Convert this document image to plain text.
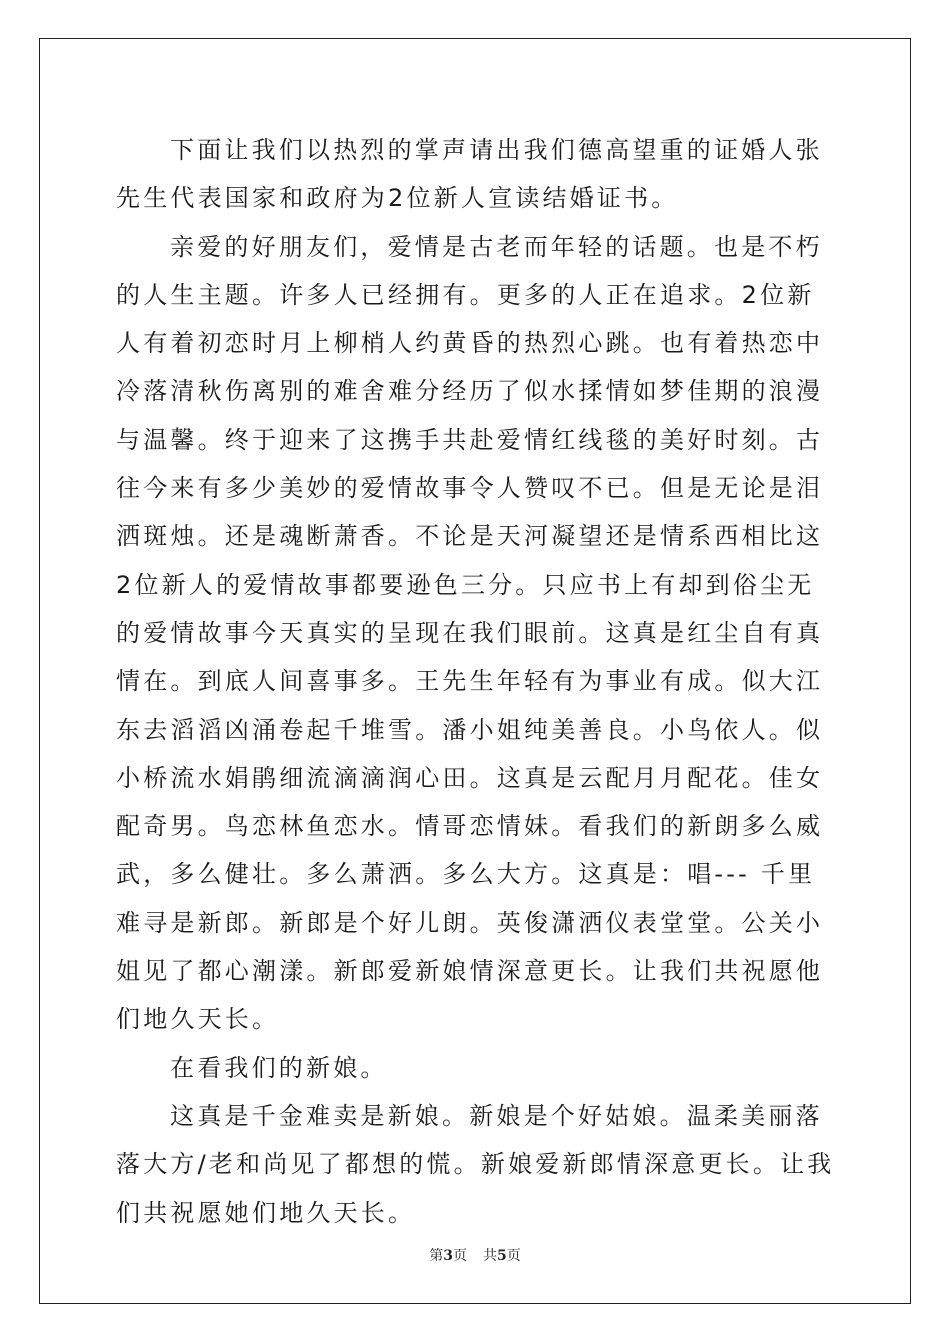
下面让我们以热烈的掌声请出我们德高望重的证婚人张先生代表国家和政府为2位新人宣读结婚证书。

亲爱的好朋友们，爱情是古老而年轻的话题。也是不朽的人生主题。许多人已经拥有。更多的人正在追求。2位新人有着初恋时月上柳梢人约黄昏的热烈心跳。也有着热恋中冷落清秋伤离别的难舍难分经历了似水揉情如梦佳期的浪漫与温馨。终于迎来了这携手共赴爱情红线毯的美好时刻。古往今来有多少美妙的爱情故事令人赞叹不已。但是无论是泪洒斑烛。还是魂断萧香。不论是天河凝望还是情系西相比这2位新人的爱情故事都要逊色三分。只应书上有却到俗尘无的爱情故事今天真实的呈现在我们眼前。这真是红尘自有真情在。到底人间喜事多。王先生年轻有为事业有成。似大江东去滔滔凶涌卷起千堆雪。潘小姐纯美善良。小鸟依人。似小桥流水娟鹃细流滴滴润心田。这真是云配月月配花。佳女配奇男。鸟恋林鱼恋水。情哥恋情妹。看我们的新朗多么威武，多么健壮。多么萧洒。多么大方。这真是：唱--- 千里难寻是新郎。新郎是个好儿朗。英俊潇洒仪表堂堂。公关小姐见了都心潮漾。新郎爱新娘情深意更长。让我们共祝愿他们地久天长。

在看我们的新娘。

这真是千金难卖是新娘。新娘是个好姑娘。温柔美丽落落大方/老和尚见了都想的慌。新娘爱新郎情深意更长。让我们共祝愿她们地久天长。

第3页 共5页
